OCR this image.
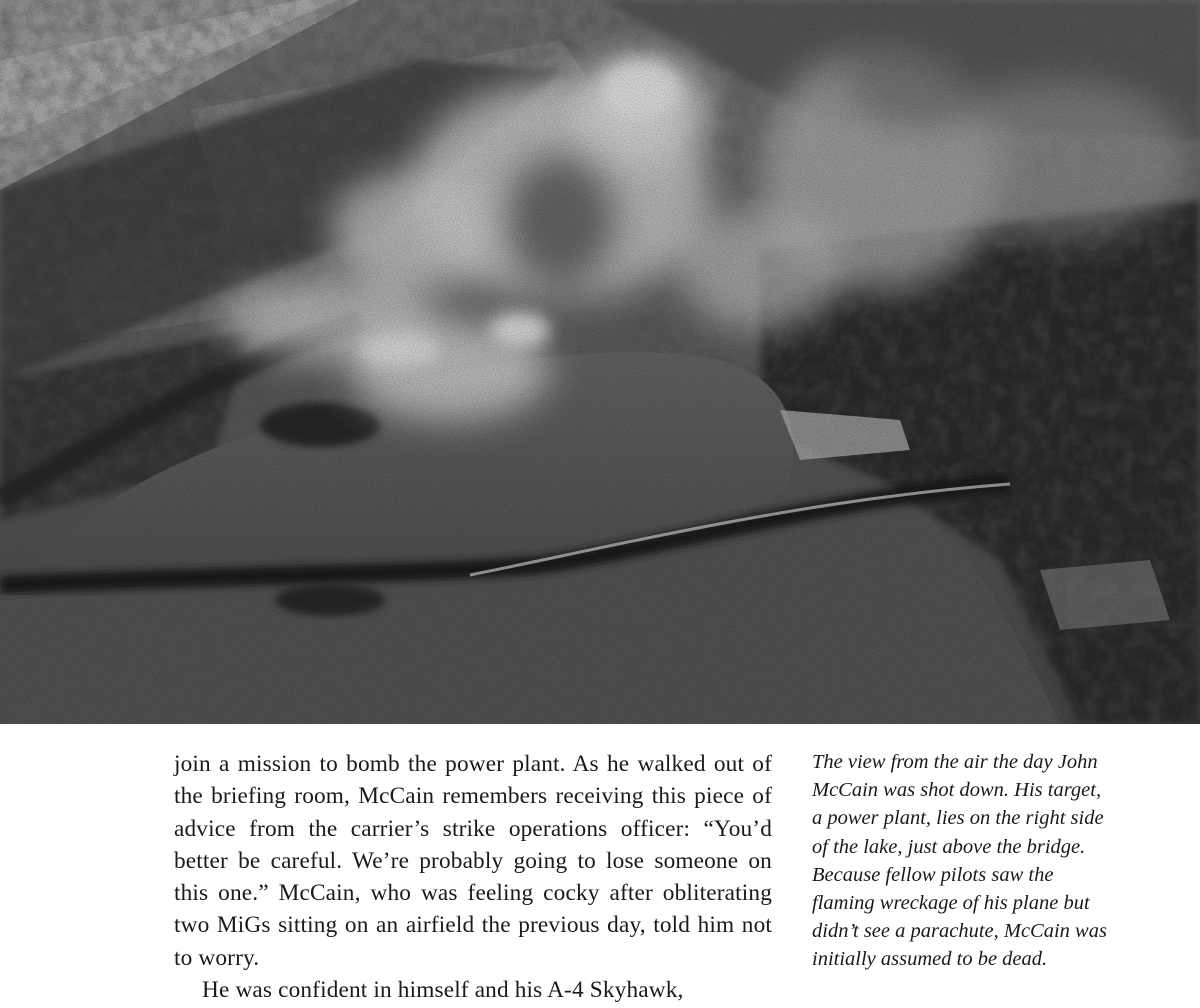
join a mission to bomb the power plant. As he walked out of the briefing room, McCain remembers receiving this piece of advice from the carrier’s strike operations officer: “You’d better be careful. We’re probably going to lose someone on this one.” McCain, who was feeling cocky after obliterating two MiGs sitting on an airfield the previous day, told him not to worry.

He was confident in himself and his A-4 Skyhawk,

The view from the air the day John McCain was shot down. His target, a power plant, lies on the right side of the lake, just above the bridge. Because fellow pilots saw the flaming wreckage of his plane but didn’t see a parachute, McCain was initially assumed to be dead.
